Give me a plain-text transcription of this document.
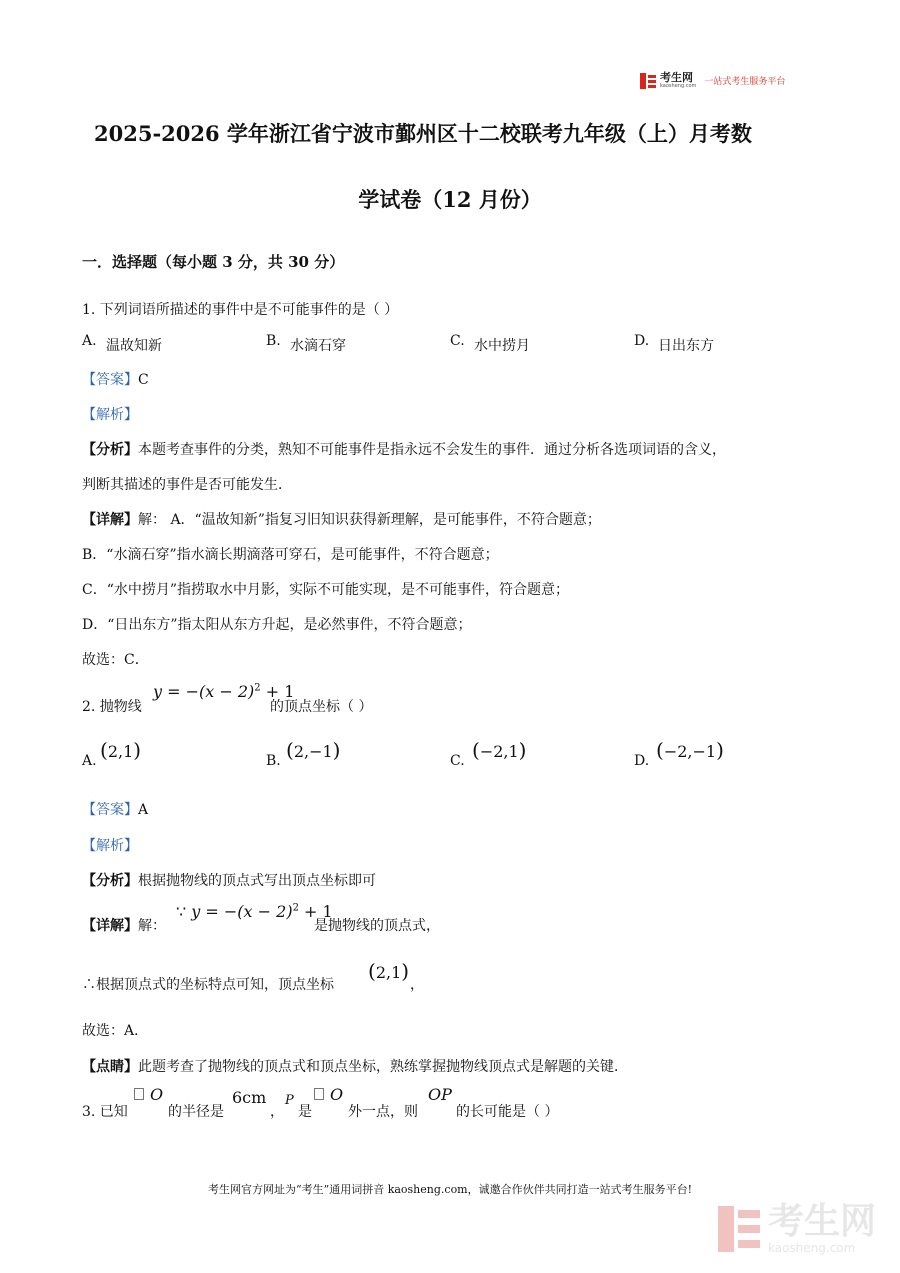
考生网
kaosheng.com 一站式考生服务平台
2025-2026 学年浙江省宁波市鄞州区十二校联考九年级（上）月考数
学试卷（12 月份）
一．选择题（每小题 3 分，共 30 分）
1. 下列词语所描述的事件中是不可能事件的是（ ）
A. 温故知新	B. 水滴石穿	C. 水中捞月	D. 日出东方
【答案】C
【解析】
【分析】本题考查事件的分类，熟知不可能事件是指永远不会发生的事件．通过分析各选项词语的含义，
判断其描述的事件是否可能发生．
【详解】解： A．“温故知新”指复习旧知识获得新理解，是可能事件，不符合题意；
B．“水滴石穿”指水滴长期滴落可穿石，是可能事件，不符合题意；
C．“水中捞月”指捞取水中月影，实际不可能实现，是不可能事件，符合题意；
D．“日出东方”指太阳从东方升起，是必然事件，不符合题意；
故选：C．
2. 抛物线
$y = -(x - 2)^2 + 1$
的顶点坐标（ ）
A. (2,1)	B. (2,−1)	C. (−2,1)	D. (−2,−1)
【答案】A
【解析】
【分析】根据抛物线的顶点式写出顶点坐标即可
【详解】解：
∵ $y = -(x - 2)^2 + 1$
是抛物线的顶点式，
∴根据顶点式的坐标特点可知，顶点坐标
(2,1)
，
故选：A．
【点睛】此题考查了抛物线的顶点式和顶点坐标，熟练掌握抛物线顶点式是解题的关键．
3. 已知
O
的半径是
6cm
，
P
是
O
外一点，则
OP
的长可能是（ ）
考生网官方网址为“考生”通用词拼音 kaosheng.com，诚邀合作伙伴共同打造一站式考生服务平台!
考生网
kaosheng.com
